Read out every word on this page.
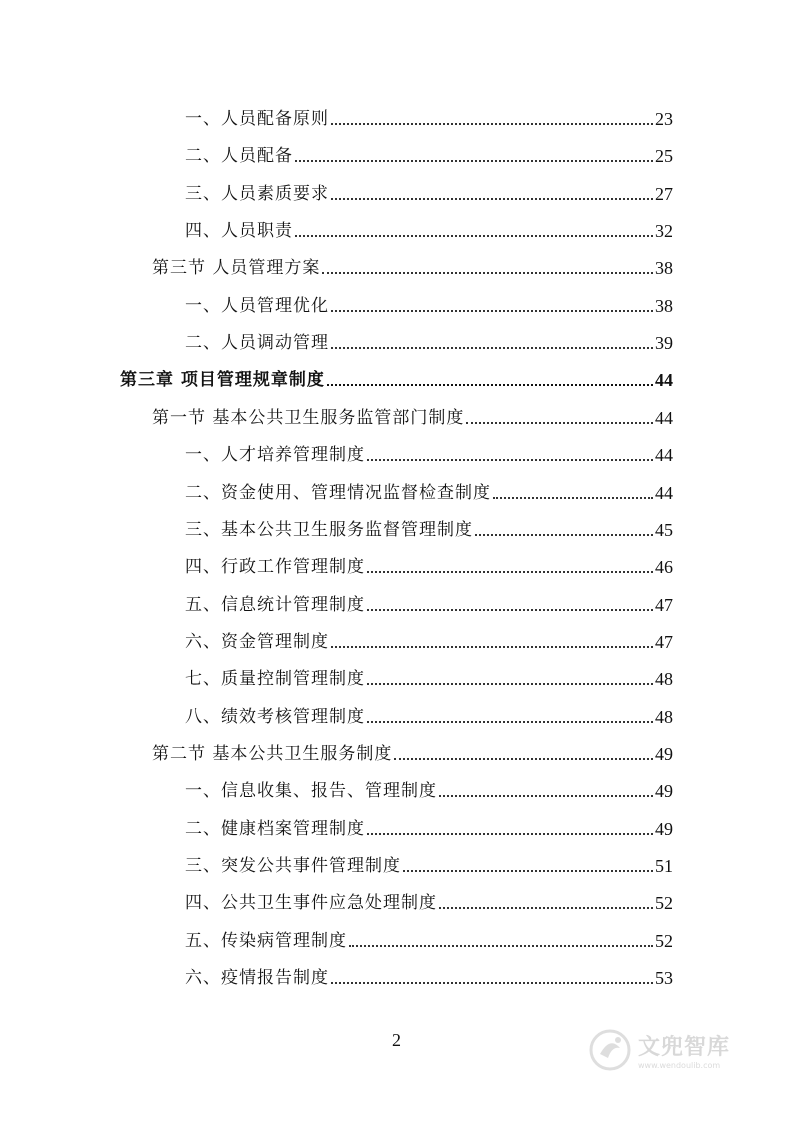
一、人员配备原则	23
二、人员配备	25
三、人员素质要求	27
四、人员职责	32
第三节 人员管理方案	38
一、人员管理优化	38
二、人员调动管理	39
第三章 项目管理规章制度	44
第一节 基本公共卫生服务监管部门制度	44
一、人才培养管理制度	44
二、资金使用、管理情况监督检查制度	44
三、基本公共卫生服务监督管理制度	45
四、行政工作管理制度	46
五、信息统计管理制度	47
六、资金管理制度	47
七、质量控制管理制度	48
八、绩效考核管理制度	48
第二节 基本公共卫生服务制度	49
一、信息收集、报告、管理制度	49
二、健康档案管理制度	49
三、突发公共事件管理制度	51
四、公共卫生事件应急处理制度	52
五、传染病管理制度	52
六、疫情报告制度	53
2	文兜智库
www.wendoulib.com
